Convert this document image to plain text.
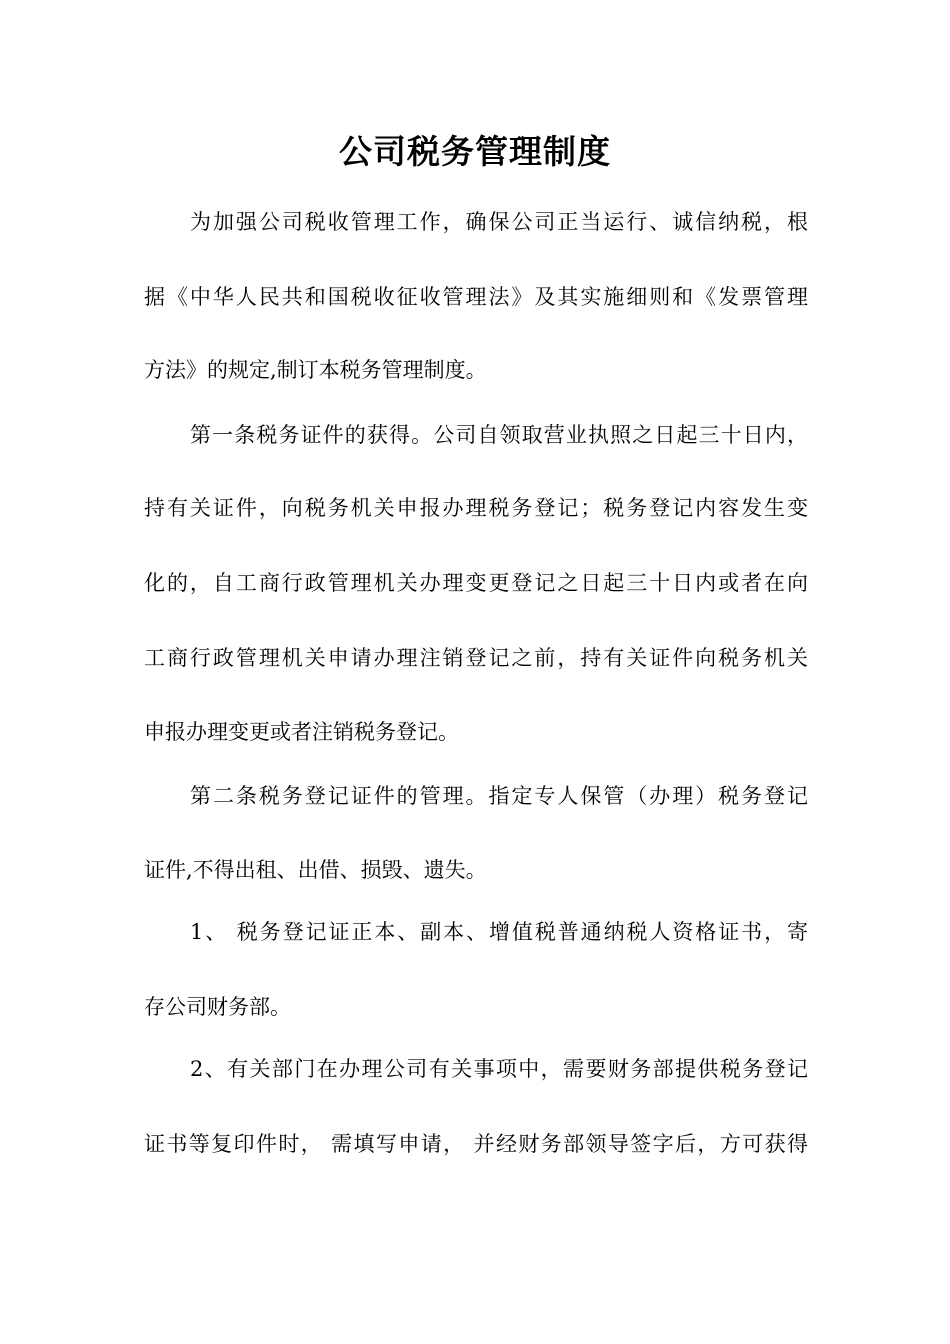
公司税务管理制度
为加强公司税收管理工作，确保公司正当运行、诚信纳税，根
据《中华人民共和国税收征收管理法》及其实施细则和《发票管理
方法》的规定,制订本税务管理制度。
第一条税务证件的获得。公司自领取营业执照之日起三十日内，
持有关证件，向税务机关申报办理税务登记；税务登记内容发生变
化的，自工商行政管理机关办理变更登记之日起三十日内或者在向
工商行政管理机关申请办理注销登记之前，持有关证件向税务机关
申报办理变更或者注销税务登记。
第二条税务登记证件的管理。指定专人保管（办理）税务登记
证件,不得出租、出借、损毁、遗失。
1、 税务登记证正本、副本、增值税普通纳税人资格证书，寄
存公司财务部。
2、有关部门在办理公司有关事项中，需要财务部提供税务登记
证书等复印件时， 需填写申请， 并经财务部领导签字后，方可获得
